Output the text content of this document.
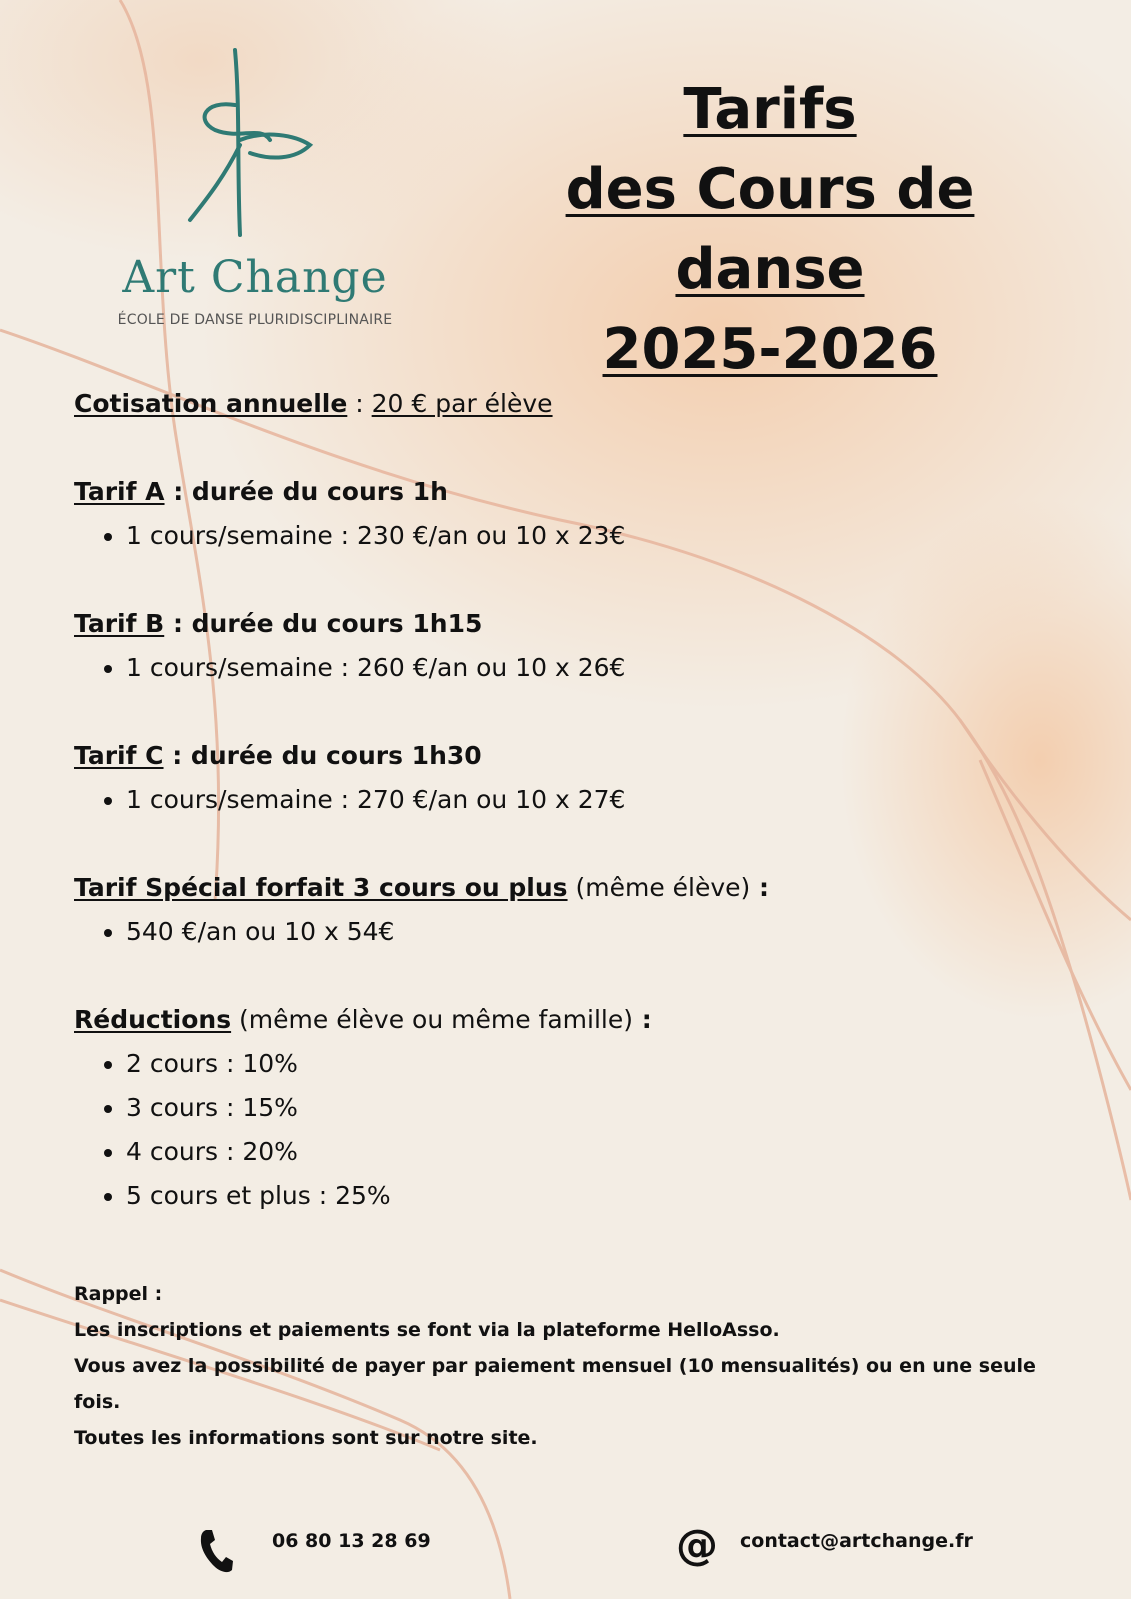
Art Change
ÉCOLE DE DANSE PLURIDISCIPLINAIRE
Tarifs
des Cours de danse
2025-2026
Cotisation annuelle : 20 € par élève
Tarif A : durée du cours 1h
• 1 cours/semaine : 230 €/an ou 10 x 23€
Tarif B : durée du cours 1h15
• 1 cours/semaine : 260 €/an ou 10 x 26€
Tarif C : durée du cours 1h30
• 1 cours/semaine : 270 €/an ou 10 x 27€
Tarif Spécial forfait 3 cours ou plus (même élève) :
• 540 €/an ou 10 x 54€
Réductions (même élève ou même famille) :
• 2 cours : 10%
• 3 cours : 15%
• 4 cours : 20%
• 5 cours et plus : 25%
Rappel :
Les inscriptions et paiements se font via la plateforme HelloAsso.
Vous avez la possibilité de payer par paiement mensuel (10 mensualités) ou en une seule fois.
Toutes les informations sont sur notre site.
06 80 13 28 69	@ contact@artchange.fr
